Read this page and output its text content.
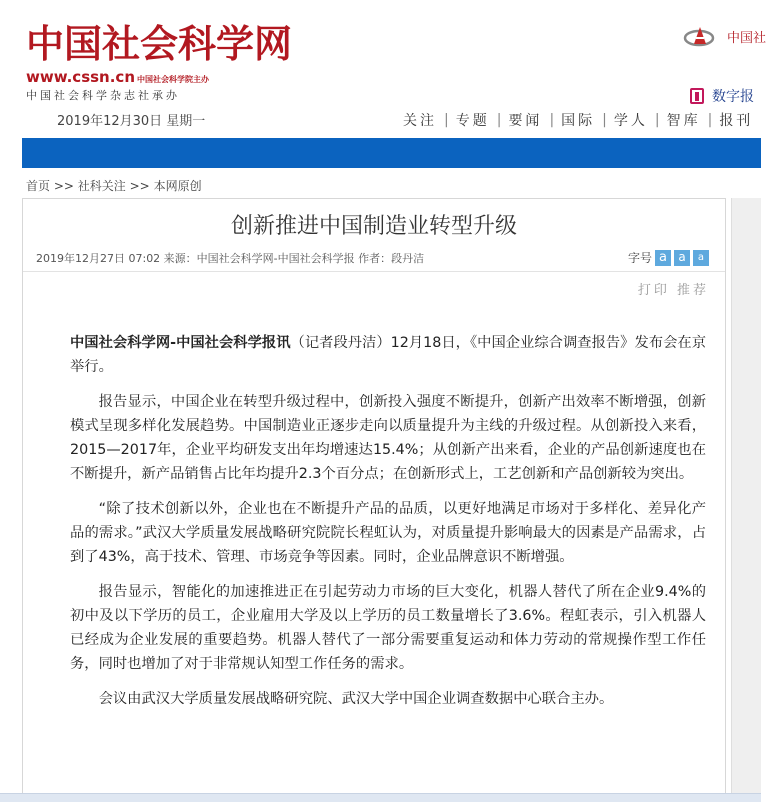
中国社会科学网
www.cssn.cn 中国社会科学院主办
中国社会科学杂志社承办
2019年12月30日 星期一
中国社
数字报
关注 | 专题 | 要闻 | 国际 | 学人 | 智库 | 报刊
首页 >> 社科关注 >> 本网原创
创新推进中国制造业转型升级
2019年12月27日 07:02 来源：中国社会科学网-中国社会科学报 作者：段丹洁	字号 a a	a
打印 推荐

中国社会科学网-中国社会科学报讯（记者段丹洁）12月18日，《中国企业综合调查报告》发布会在京举行。

报告显示，中国企业在转型升级过程中，创新投入强度不断提升，创新产出效率不断增强，创新模式呈现多样化发展趋势。中国制造业正逐步走向以质量提升为主线的升级过程。从创新投入来看，2015—2017年，企业平均研发支出年均增速达15.4%；从创新产出来看，企业的产品创新速度也在不断提升，新产品销售占比年均提升2.3个百分点；在创新形式上，工艺创新和产品创新较为突出。

“除了技术创新以外，企业也在不断提升产品的品质，以更好地满足市场对于多样化、差异化产品的需求。”武汉大学质量发展战略研究院院长程虹认为，对质量提升影响最大的因素是产品需求，占到了43%，高于技术、管理、市场竞争等因素。同时，企业品牌意识不断增强。

报告显示，智能化的加速推进正在引起劳动力市场的巨大变化，机器人替代了所在企业9.4%的初中及以下学历的员工，企业雇用大学及以上学历的员工数量增长了3.6%。程虹表示，引入机器人已经成为企业发展的重要趋势。机器人替代了一部分需要重复运动和体力劳动的常规操作型工作任务，同时也增加了对于非常规认知型工作任务的需求。

会议由武汉大学质量发展战略研究院、武汉大学中国企业调查数据中心联合主办。
